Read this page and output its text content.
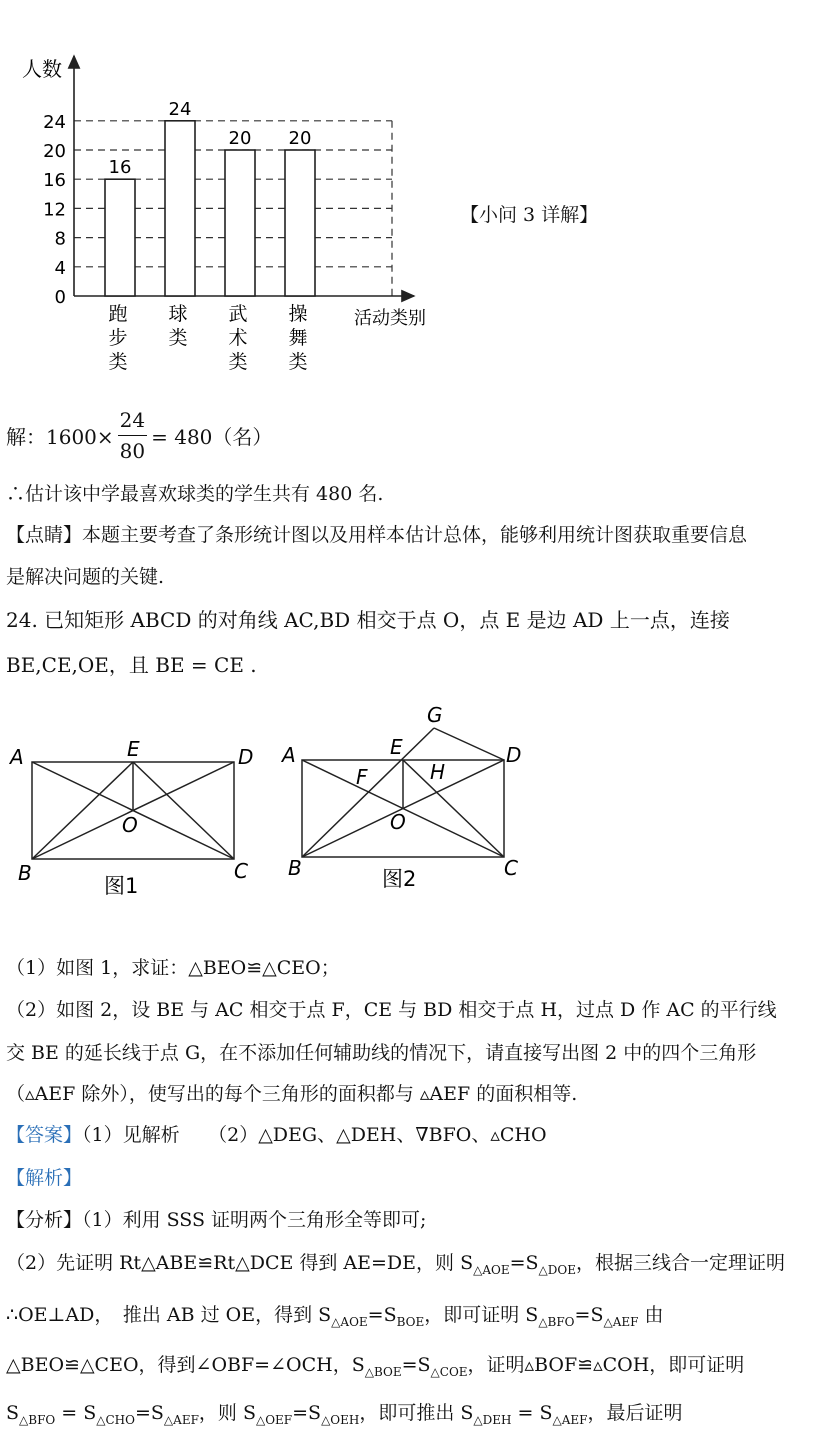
人数
活动类别
0
4
8
12
16
20
24
16
24
20 20
跑
步
类
球
类
武
术
类
操
舞
类
【小问 3 详解】
解：$1600\times \frac{24}{80} = 480$（名）
∴估计该中学最喜欢球类的学生共有 480 名.
【点睛】本题主要考查了条形统计图以及用样本估计总体，能够利用统计图获取重要信息
是解决问题的关键.
24. 已知矩形 ABCD 的对角线 AC,BD 相交于点 O，点 E 是边 AD 上一点，连接
BE,CE,OE，且 BE = CE .
A	E	D
O
B	C
图1
A	E	D
G
F	H
O
B	C
图2
（1）如图 1，求证：△BEO≌△CEO；
（2）如图 2，设 BE 与 AC 相交于点 F，CE 与 BD 相交于点 H，过点 D 作 AC 的平行线
交 BE 的延长线于点 G，在不添加任何辅助线的情况下，请直接写出图 2 中的四个三角形
（▵AEF 除外），使写出的每个三角形的面积都与 ▵AEF 的面积相等.
【答案】（1）见解析　　（2）△DEG、△DEH、∇BFO、▵CHO
【解析】
【分析】（1）利用 SSS 证明两个三角形全等即可;
（2）先证明 Rt△ABE≌Rt△DCE 得到 AE=DE，则 $S_{\triangle AOE}=S_{\triangle DOE}$，根据三线合一定理证明
∴OE⊥AD，　推出 AB 过 OE，得到 $S_{\triangle AOE}=S_{BOE}$，即可证明 $S_{\triangle BFO}=S_{\triangle AEF}$ 由
△BEO≌△CEO，得到∠OBF=∠OCH，$S_{\triangle BOE}=S_{\triangle COE}$，证明▵BOF≌▵COH，即可证明
$S_{\triangle BFO} = S_{\triangle CHO}=S_{\triangle AEF}$，则 $S_{\triangle OEF}=S_{\triangle OEH}$，即可推出 $S_{\triangle DEH} = S_{\triangle AEF}$，最后证明
